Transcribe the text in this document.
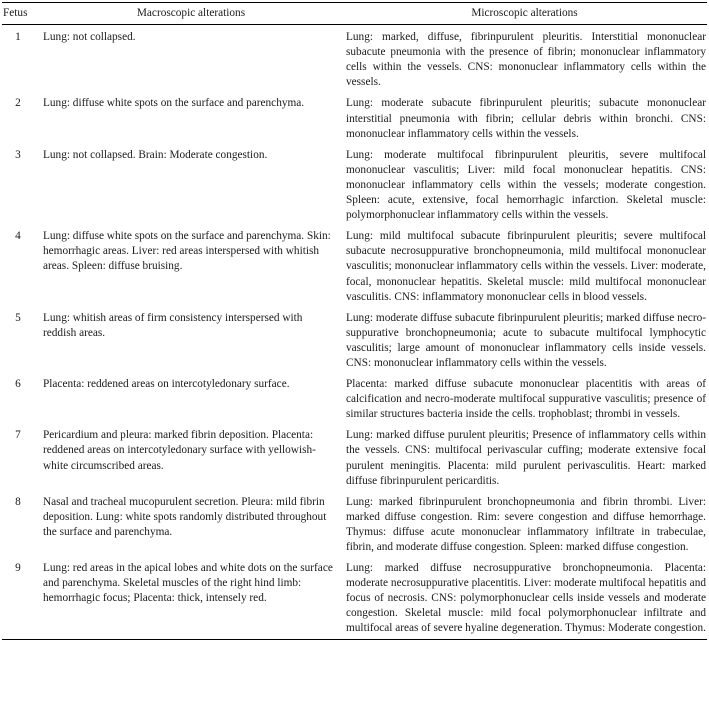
Fetus	Macroscopic alterations	Microscopic alterations
1	Lung: not collapsed.	Lung: marked, diffuse, fibrinpurulent pleuritis. Interstitial mononuclear subacute pneumonia with the presence of fibrin; mononuclear inflammatory cells within the vessels. CNS: mononuclear inflammatory cells within the vessels.
2	Lung: diffuse white spots on the surface and parenchyma.	Lung: moderate subacute fibrinpurulent pleuritis; subacute mononuclear interstitial pneumonia with fibrin; cellular debris within bronchi. CNS: mononuclear inflammatory cells within the vessels.
3	Lung: not collapsed. Brain: Moderate congestion.	Lung: moderate multifocal fibrinpurulent pleuritis, severe multifocal mononuclear vasculitis; Liver: mild focal mononuclear hepatitis. CNS: mononuclear inflammatory cells within the vessels; moderate congestion. Spleen: acute, extensive, focal hemorrhagic infarction. Skeletal muscle: polymorphonuclear inflammatory cells within the vessels.
4	Lung: diffuse white spots on the surface and parenchyma. Skin: hemorrhagic areas. Liver: red areas interspersed with whitish areas. Spleen: diffuse bruising.	Lung: mild multifocal subacute fibrinpurulent pleuritis; severe multifocal subacute necrosuppurative bronchopneumonia, mild multifocal mononuclear vasculitis; mononuclear inflammatory cells within the vessels. Liver: moderate, focal, mononuclear hepatitis. Skeletal muscle: mild multifocal mononuclear vasculitis. CNS: inflammatory mononuclear cells in blood vessels.
5	Lung: whitish areas of firm consistency interspersed with reddish areas.	Lung: moderate diffuse subacute fibrinpurulent pleuritis; marked diffuse necro-suppurative bronchopneumonia; acute to subacute multifocal lymphocytic vasculitis; large amount of mononuclear inflammatory cells inside vessels. CNS: mononuclear inflammatory cells within the vessels.
6	Placenta: reddened areas on intercotyledonary surface.	Placenta: marked diffuse subacute mononuclear placentitis with areas of calcification and necro-moderate multifocal suppurative vasculitis; presence of similar structures bacteria inside the cells. trophoblast; thrombi in vessels.
7	Pericardium and pleura: marked fibrin deposition. Placenta: reddened areas on intercotyledonary surface with yellowish-white circumscribed areas.	Lung: marked diffuse purulent pleuritis; Presence of inflammatory cells within the vessels. CNS: multifocal perivascular cuffing; moderate extensive focal purulent meningitis. Placenta: mild purulent perivasculitis. Heart: marked diffuse fibrinpurulent pericarditis.
8	Nasal and tracheal mucopurulent secretion. Pleura: mild fibrin deposition. Lung: white spots randomly distributed throughout the surface and parenchyma.	Lung: marked fibrinpurulent bronchopneumonia and fibrin thrombi. Liver: marked diffuse congestion. Rim: severe congestion and diffuse hemorrhage. Thymus: diffuse acute mononuclear inflammatory infiltrate in trabeculae, fibrin, and moderate diffuse congestion. Spleen: marked diffuse congestion.
9	Lung: red areas in the apical lobes and white dots on the surface and parenchyma. Skeletal muscles of the right hind limb: hemorrhagic focus; Placenta: thick, intensely red.	Lung: marked diffuse necrosuppurative bronchopneumonia. Placenta: moderate necrosuppurative placentitis. Liver: moderate multifocal hepatitis and focus of necrosis. CNS: polymorphonuclear cells inside vessels and moderate congestion. Skeletal muscle: mild focal polymorphonuclear infiltrate and multifocal areas of severe hyaline degeneration. Thymus: Moderate congestion.
